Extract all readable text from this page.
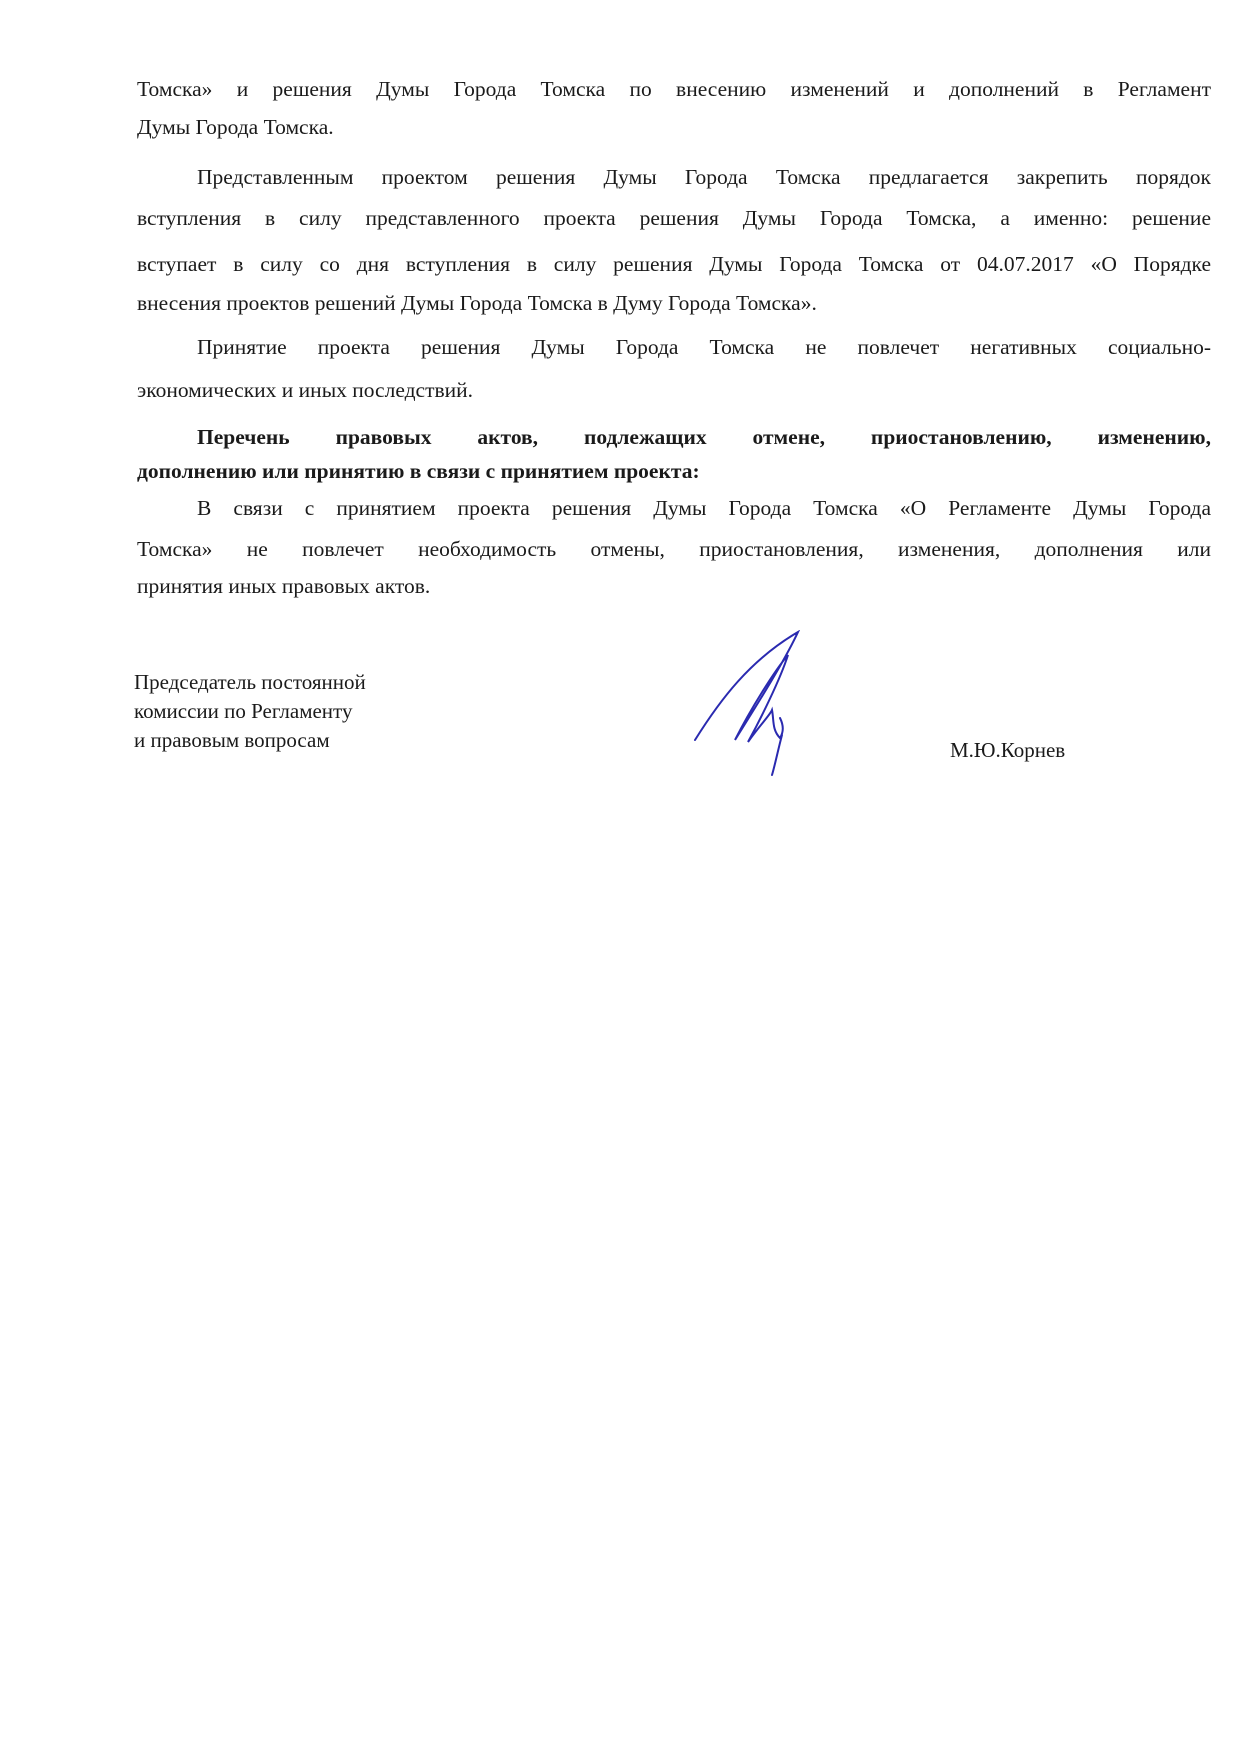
Томска» и решения Думы Города Томска по внесению изменений и дополнений в Регламент
Думы Города Томска.
Представленным проектом решения Думы Города Томска предлагается закрепить порядок
вступления в силу представленного проекта решения Думы Города Томска, а именно: решение
вступает в силу со дня вступления в силу решения Думы Города Томска от 04.07.2017 «О Порядке
внесения проектов решений Думы Города Томска в Думу Города Томска».
Принятие проекта решения Думы Города Томска не повлечет негативных социально-
экономических и иных последствий.
Перечень правовых актов, подлежащих отмене, приостановлению, изменению,
дополнению или принятию в связи с принятием проекта:
В связи с принятием проекта решения Думы Города Томска «О Регламенте Думы Города
Томска» не повлечет необходимость отмены, приостановления, изменения, дополнения или
принятия иных правовых актов.
Председатель постоянной
комиссии по Регламенту
и правовым вопросам	М.Ю.Корнев
